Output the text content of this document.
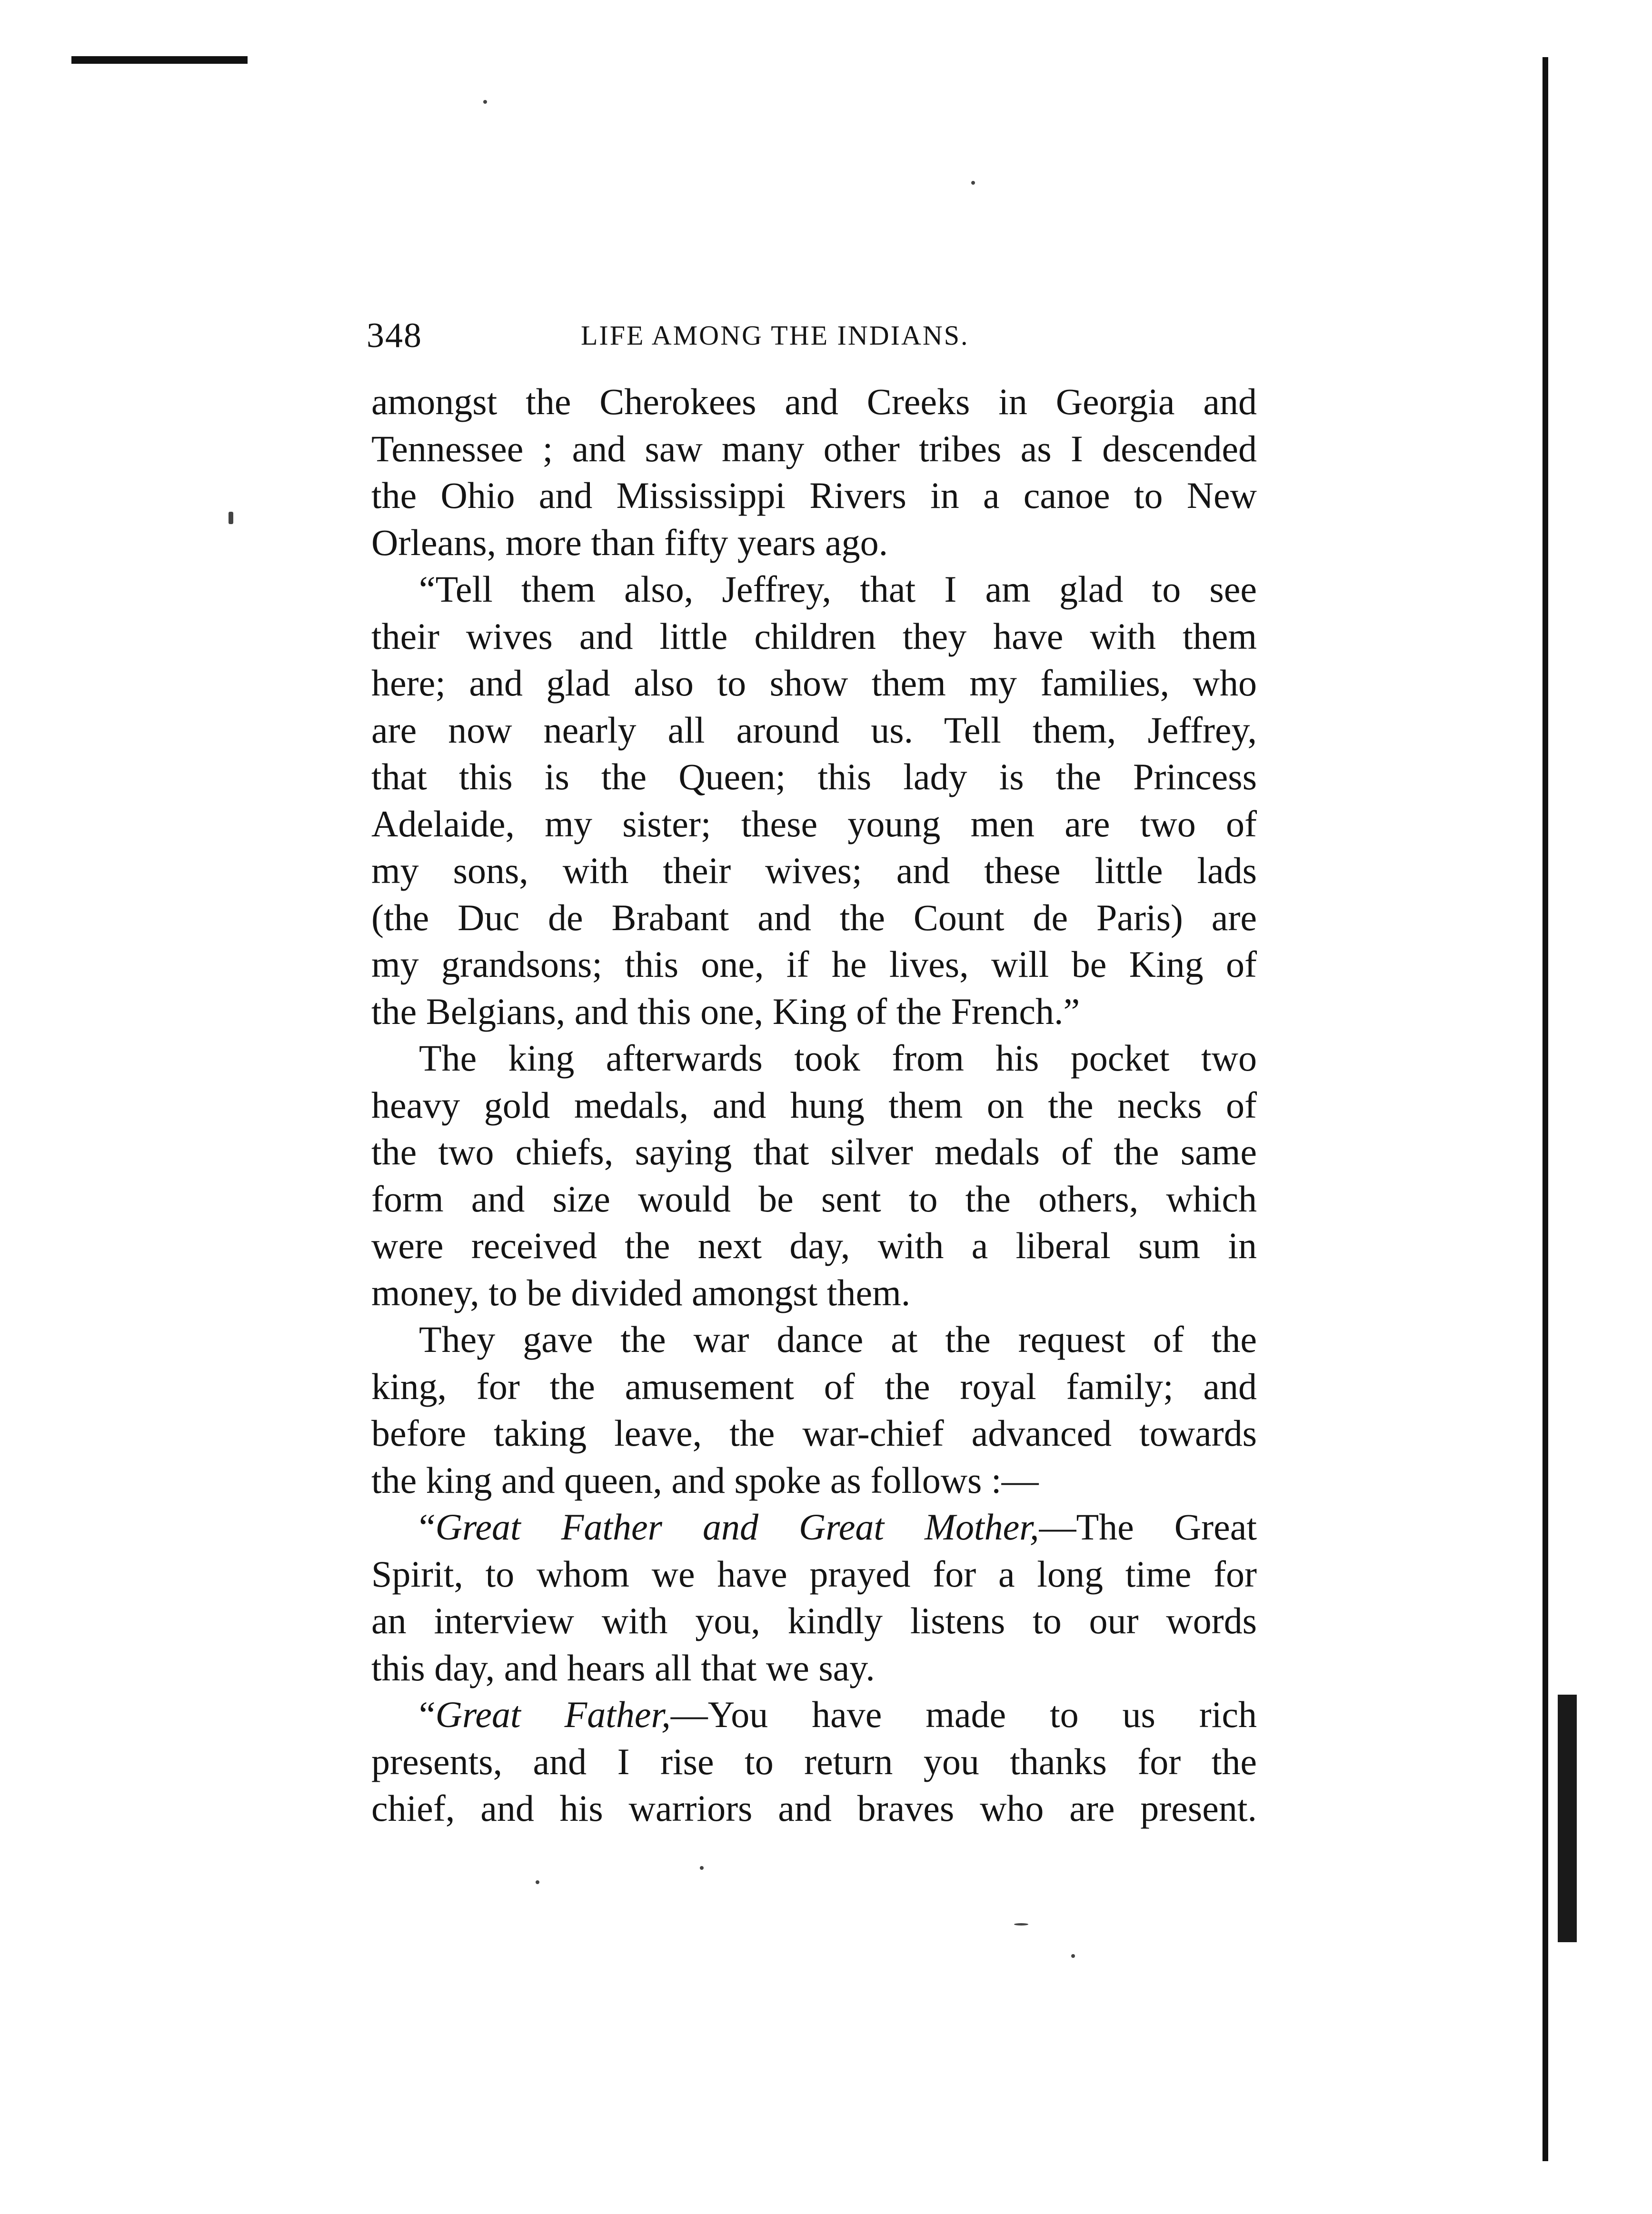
348	LIFE AMONG THE INDIANS.
amongst the Cherokees and Creeks in Georgia and
Tennessee ; and saw many other tribes as I descended
the Ohio and Mississippi Rivers in a canoe to New
Orleans, more than fifty years ago.
“Tell them also, Jeffrey, that I am glad to see
their wives and little children they have with them
here; and glad also to show them my families, who
are now nearly all around us. Tell them, Jeffrey,
that this is the Queen; this lady is the Princess
Adelaide, my sister; these young men are two of
my sons, with their wives; and these little lads
(the Duc de Brabant and the Count de Paris) are
my grandsons; this one, if he lives, will be King of
the Belgians, and this one, King of the French.”
The king afterwards took from his pocket two
heavy gold medals, and hung them on the necks of
the two chiefs, saying that silver medals of the same
form and size would be sent to the others, which
were received the next day, with a liberal sum in
money, to be divided amongst them.
They gave the war dance at the request of the
king, for the amusement of the royal family; and
before taking leave, the war-chief advanced towards
the king and queen, and spoke as follows :—
“Great Father and Great Mother,—The Great
Spirit, to whom we have prayed for a long time for
an interview with you, kindly listens to our words
this day, and hears all that we say.
“Great Father,—You have made to us rich
presents, and I rise to return you thanks for the
chief, and his warriors and braves who are present.
